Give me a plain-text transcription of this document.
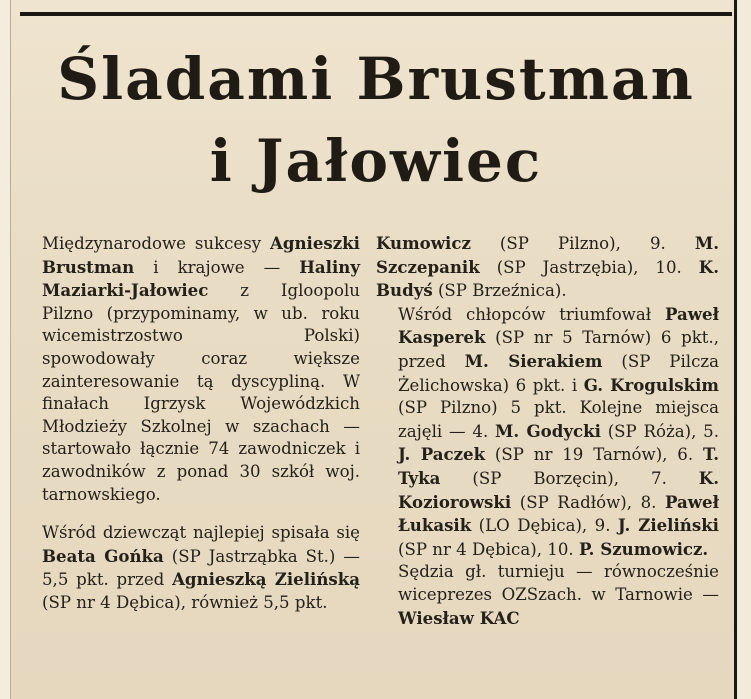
Śladami Brustman
i Jałowiec

Międzynarodowe sukcesy Agnieszki Brustman i krajowe — Haliny Maziarki-Jałowiec z Igloopolu Pilzno (przypominamy, w ub. roku wicemistrzostwo Polski) spowodowały coraz większe zainteresowanie tą dyscypliną. W finałach Igrzysk Wojewódzkich Młodzieży Szkolnej w szachach — startowało łącznie 74 zawodniczek i zawodników z ponad 30 szkół woj. tarnowskiego.

Wśród dziewcząt najlepiej spisała się Beata Gońka (SP Jastrząbka St.) — 5,5 pkt. przed Agnieszką Zielińską (SP nr 4 Dębica), również 5,5 pkt.

Kumowicz (SP Pilzno), 9. M. Szczepanik (SP Jastrzębia), 10. K. Budyś (SP Brzeźnica).

Wśród chłopców triumfował Paweł Kasperek (SP nr 5 Tarnów) 6 pkt., przed M. Sierakiem (SP Pilcza Żelichowska) 6 pkt. i G. Krogulskim (SP Pilzno) 5 pkt. Kolejne miejsca zajęli — 4. M. Godycki (SP Róża), 5. J. Paczek (SP nr 19 Tarnów), 6. T. Tyka (SP Borzęcin), 7. K. Koziorowski (SP Radłów), 8. Paweł Łukasik (LO Dębica), 9. J. Zieliński (SP nr 4 Dębica), 10. P. Szumowicz.

Sędzia gł. turnieju — równocześnie wiceprezes OZSzach. w Tarnowie — Wiesław KAC
